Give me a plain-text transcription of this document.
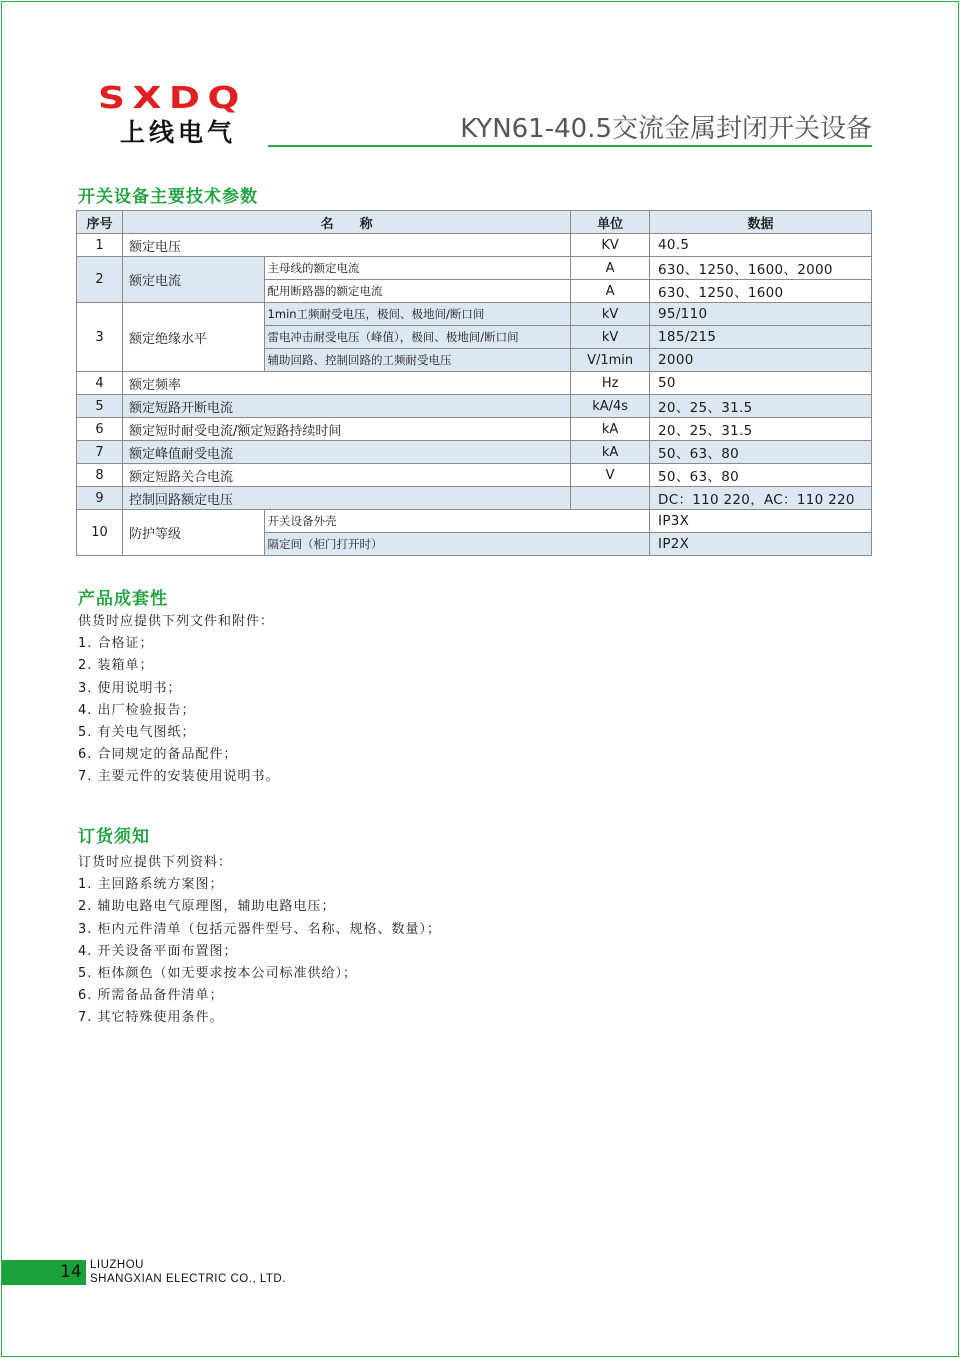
SXDQ
上线电气	KYN61-40.5交流金属封闭开关设备
开关设备主要技术参数
序号	名　　称		单位	数据
1	额定电压		KV	40.5
2	额定电流	主母线的额定电流	A	630、1250、1600、2000
		配用断路器的额定电流	A	630、1250、1600
3	额定绝缘水平	1min工频耐受电压，极间、极地间/断口间	kV	95/110
		雷电冲击耐受电压（峰值），极间、极地间/断口间	kV	185/215
		辅助回路、控制回路的工频耐受电压	V/1min	2000
4	额定频率		Hz	50
5	额定短路开断电流		kA/4s	20、25、31.5
6	额定短时耐受电流/额定短路持续时间		kA	20、25、31.5
7	额定峰值耐受电流		kA	50、63、80
8	额定短路关合电流		V	50、63、80
9	控制回路额定电压			DC：110 220，AC：110 220
10	防护等级	开关设备外壳		IP3X
		隔定间（柜门打开时）		IP2X
产品成套性
供货时应提供下列文件和附件：
1. 合格证；
2. 装箱单；
3. 使用说明书；
4. 出厂检验报告；
5. 有关电气图纸；
6. 合同规定的备品配件；
7. 主要元件的安装使用说明书。
订货须知
订货时应提供下列资料：
1. 主回路系统方案图；
2. 辅助电路电气原理图，辅助电路电压；
3. 柜内元件清单（包括元器件型号、名称、规格、数量）；
4. 开关设备平面布置图；
5. 柜体颜色（如无要求按本公司标准供给）；
6. 所需备品备件清单；
7. 其它特殊使用条件。
14 LIUZHOU
SHANGXIAN ELECTRIC CO., LTD.
